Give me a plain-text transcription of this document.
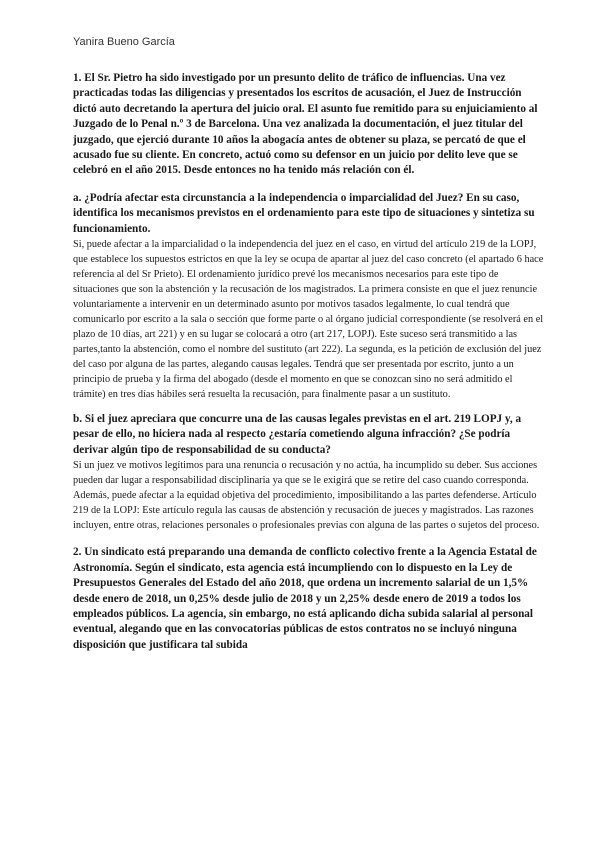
Yanira Bueno García

1. El Sr. Pietro ha sido investigado por un presunto delito de tráfico de influencias. Una vez practicadas todas las diligencias y presentados los escritos de acusación, el Juez de Instrucción dictó auto decretando la apertura del juicio oral. El asunto fue remitido para su enjuiciamiento al Juzgado de lo Penal n.º 3 de Barcelona. Una vez analizada la documentación, el juez titular del juzgado, que ejerció durante 10 años la abogacía antes de obtener su plaza, se percató de que el acusado fue su cliente. En concreto, actuó como su defensor en un juicio por delito leve que se celebró en el año 2015. Desde entonces no ha tenido más relación con él.

a. ¿Podría afectar esta circunstancia a la independencia o imparcialidad del Juez? En su caso, identifica los mecanismos previstos en el ordenamiento para este tipo de situaciones y sintetiza su funcionamiento.

Si, puede afectar a la imparcialidad o la independencia del juez en el caso, en virtud del artículo 219 de la LOPJ, que establece los supuestos estrictos en que la ley se ocupa de apartar al juez del caso concreto (el apartado 6 hace referencia al del Sr Prieto). El ordenamiento jurídico prevé los mecanismos necesarios para este tipo de situaciones que son la abstención y la recusación de los magistrados. La primera consiste en que el juez renuncie voluntariamente a intervenir en un determinado asunto por motivos tasados legalmente, lo cual tendrá que comunicarlo por escrito a la sala o sección que forme parte o al órgano judicial correspondiente (se resolverá en el plazo de 10 días, art 221) y en su lugar se colocará a otro (art 217, LOPJ). Este suceso será transmitido a las partes,tanto la abstención, como el nombre del sustituto (art 222). La segunda, es la petición de exclusión del juez del caso por alguna de las partes, alegando causas legales. Tendrá que ser presentada por escrito, junto a un principio de prueba y la firma del abogado (desde el momento en que se conozcan sino no será admitido el trámite) en tres días hábiles será resuelta la recusación, para finalmente pasar a un sustituto.

b. Si el juez apreciara que concurre una de las causas legales previstas en el art. 219 LOPJ y, a pesar de ello, no hiciera nada al respecto ¿estaría cometiendo alguna infracción? ¿Se podría derivar algún tipo de responsabilidad de su conducta?

Si un juez ve motivos legítimos para una renuncia o recusación y no actúa, ha incumplido su deber. Sus acciones pueden dar lugar a responsabilidad disciplinaria ya que se le exigirá que se retire del caso cuando corresponda. Además, puede afectar a la equidad objetiva del procedimiento, imposibilitando a las partes defenderse. Artículo 219 de la LOPJ: Este artículo regula las causas de abstención y recusación de jueces y magistrados. Las razones incluyen, entre otras, relaciones personales o profesionales previas con alguna de las partes o sujetos del proceso.

2. Un sindicato está preparando una demanda de conflicto colectivo frente a la Agencia Estatal de Astronomía. Según el sindicato, esta agencia está incumpliendo con lo dispuesto en la Ley de Presupuestos Generales del Estado del año 2018, que ordena un incremento salarial de un 1,5% desde enero de 2018, un 0,25% desde julio de 2018 y un 2,25% desde enero de 2019 a todos los empleados públicos. La agencia, sin embargo, no está aplicando dicha subida salarial al personal eventual, alegando que en las convocatorias públicas de estos contratos no se incluyó ninguna disposición que justificara tal subida
